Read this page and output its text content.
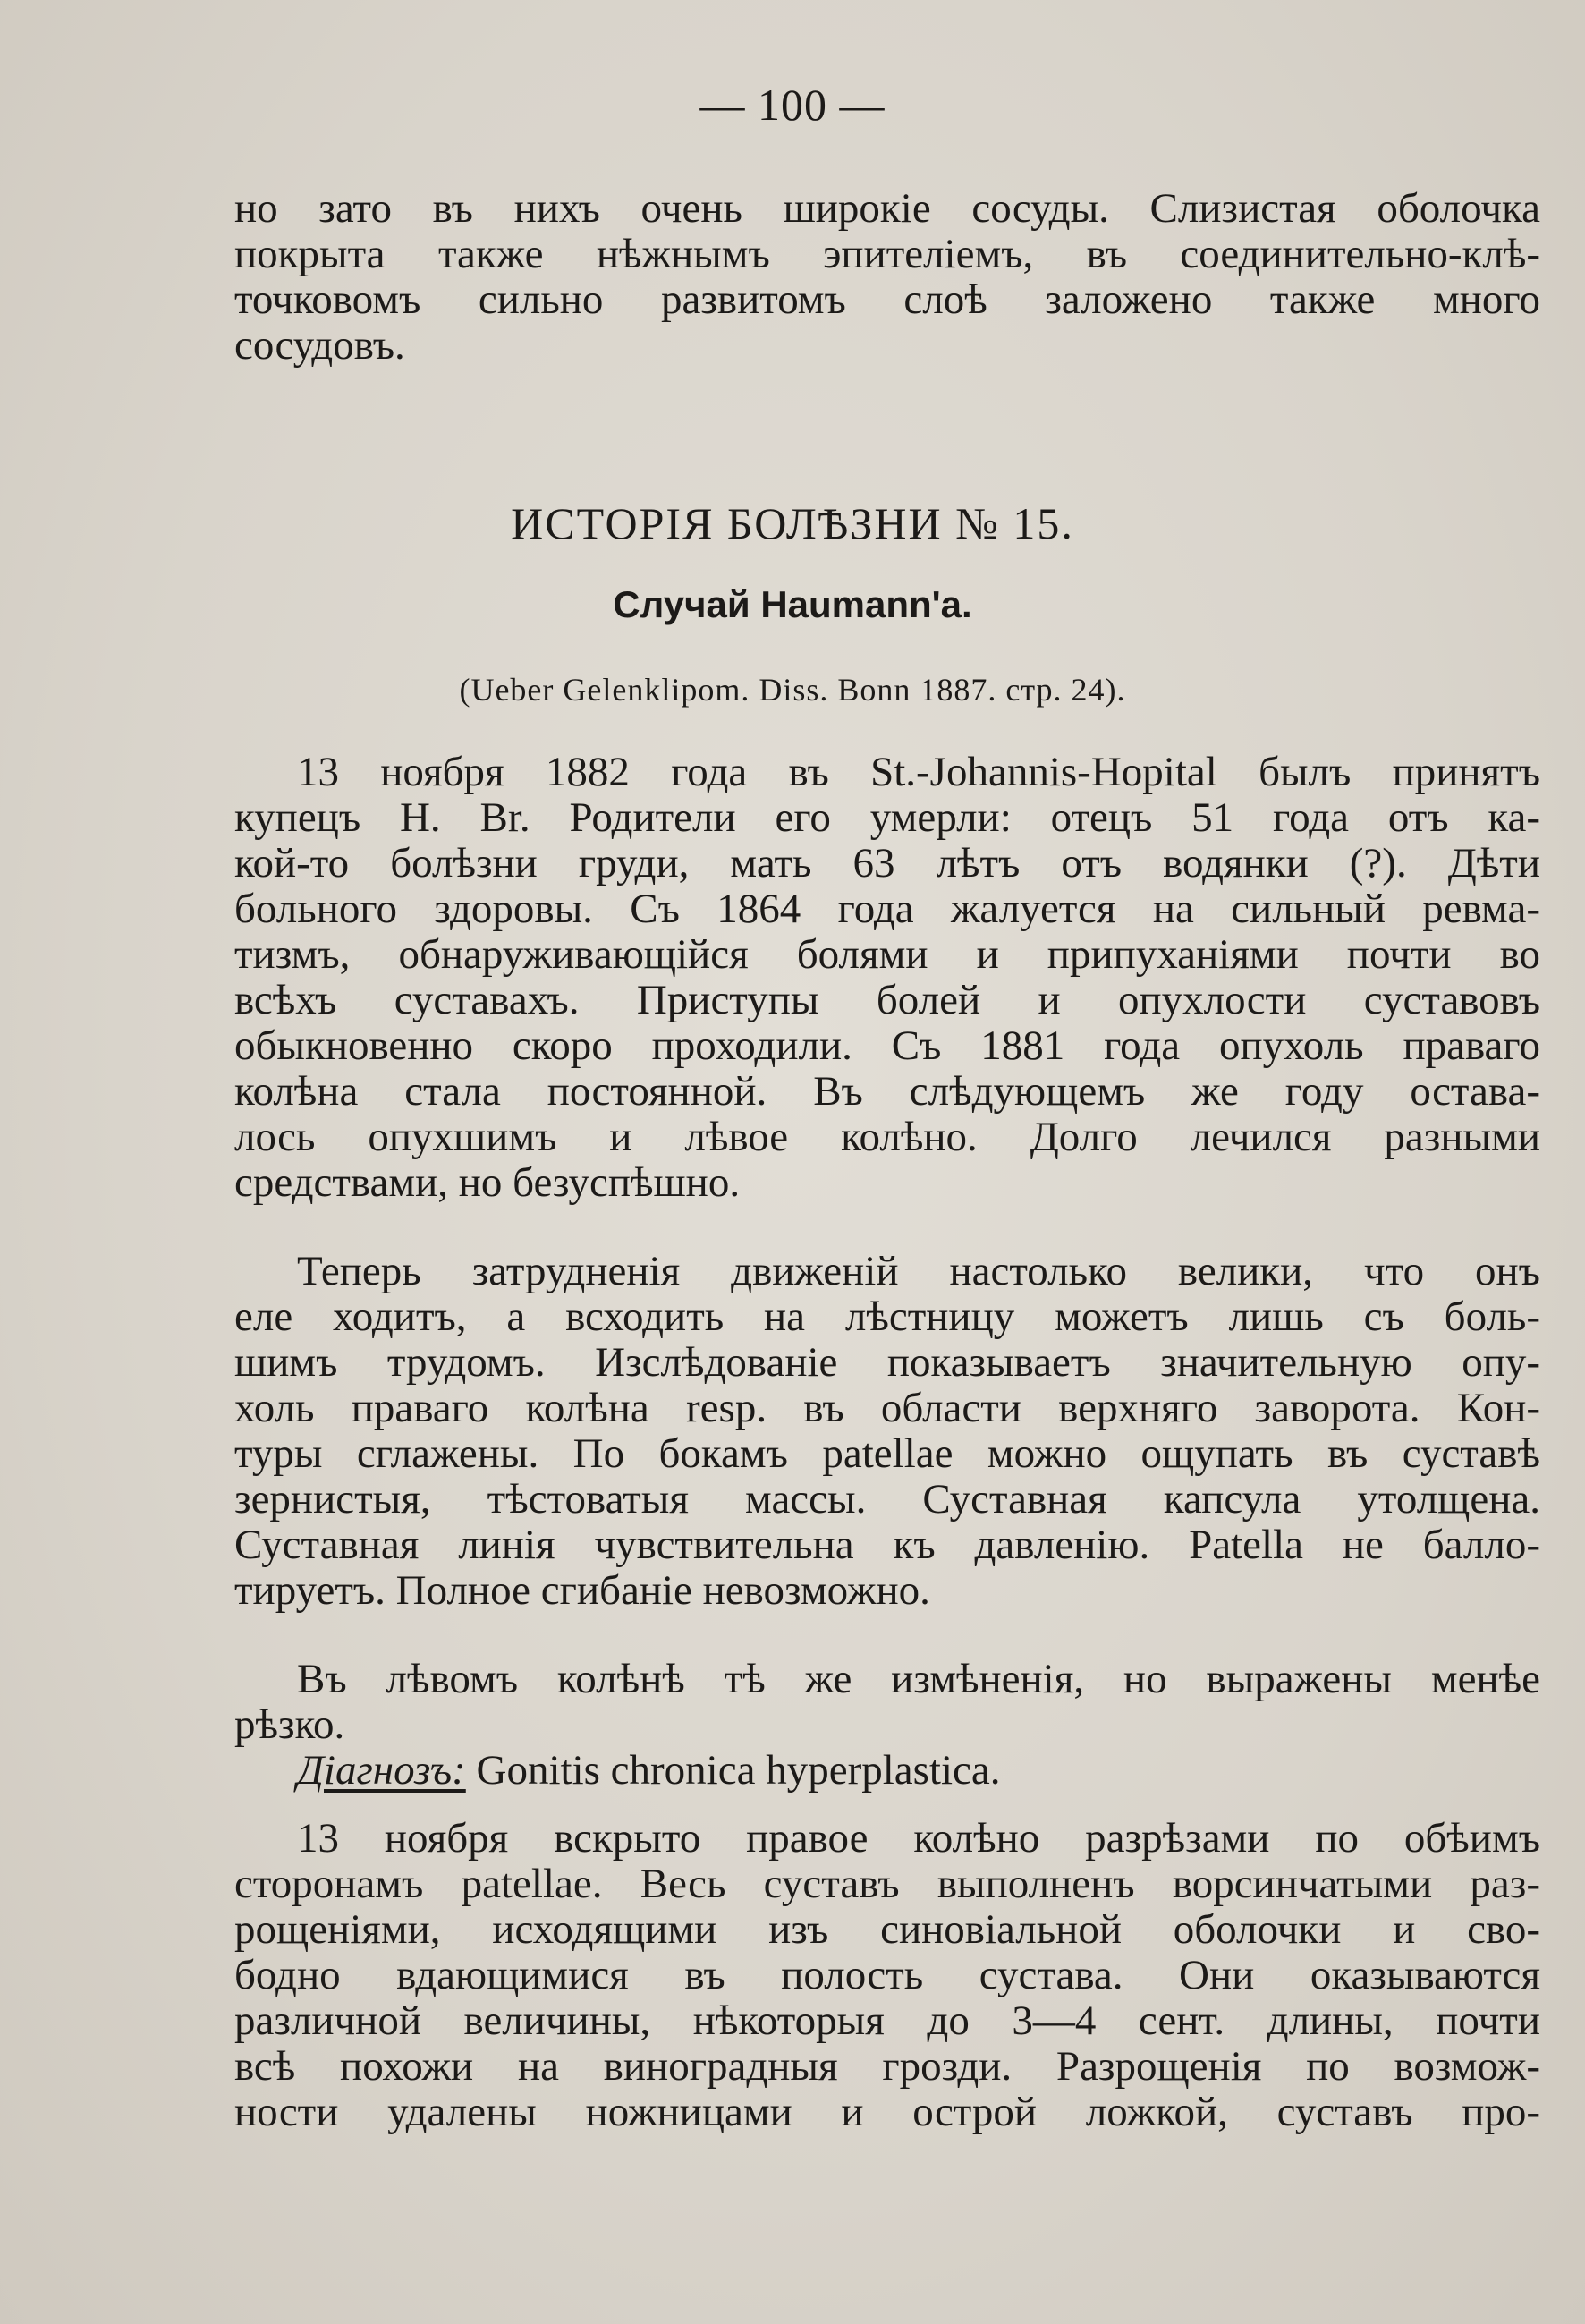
— 100 —
но зато въ нихъ очень широкіе сосуды. Слизистая оболочка
покрыта также нѣжнымъ эпителіемъ, въ соединительно-клѣ-
точковомъ сильно развитомъ слоѣ заложено также много
сосудовъ.
ИСТОРІЯ БОЛѢЗНИ № 15.
Случай Haumann'a.
(Ueber Gelenklipom. Diss. Bonn 1887. стр. 24).
13 ноября 1882 года въ St.-Johannis-Hopital былъ принятъ
купецъ Н. Br. Родители его умерли: отецъ 51 года отъ ка-
кой-то болѣзни груди, мать 63 лѣтъ отъ водянки (?). Дѣти
больного здоровы. Съ 1864 года жалуется на сильный ревма-
тизмъ, обнаруживающійся болями и припуханіями почти во
всѣхъ суставахъ. Приступы болей и опухлости суставовъ
обыкновенно скоро проходили. Съ 1881 года опухоль праваго
колѣна стала постоянной. Въ слѣдующемъ же году остава-
лось опухшимъ и лѣвое колѣно. Долго лечился разными
средствами, но безуспѣшно.
Теперь затрудненія движеній настолько велики, что онъ
еле ходитъ, а всходить на лѣстницу можетъ лишь съ боль-
шимъ трудомъ. Изслѣдованіе показываетъ значительную опу-
холь праваго колѣна resp. въ области верхняго заворота. Кон-
туры сглажены. По бокамъ patellae можно ощупать въ суставѣ
зернистыя, тѣстоватыя массы. Суставная капсула утолщена.
Суставная линія чувствительна къ давленію. Patella не балло-
тируетъ. Полное сгибаніе невозможно.
Въ лѣвомъ колѣнѣ тѣ же измѣненія, но выражены менѣе
рѣзко.
Діагнозъ: Gonitis chronica hyperplastica.
13 ноября вскрыто правое колѣно разрѣзами по обѣимъ
сторонамъ patellae. Весь суставъ выполненъ ворсинчатыми раз-
рощеніями, исходящими изъ синовіальной оболочки и сво-
бодно вдающимися въ полость сустава. Они оказываются
различной величины, нѣкоторыя до 3—4 сент. длины, почти
всѣ похожи на виноградныя грозди. Разрощенія по возмож-
ности удалены ножницами и острой ложкой, суставъ про-
